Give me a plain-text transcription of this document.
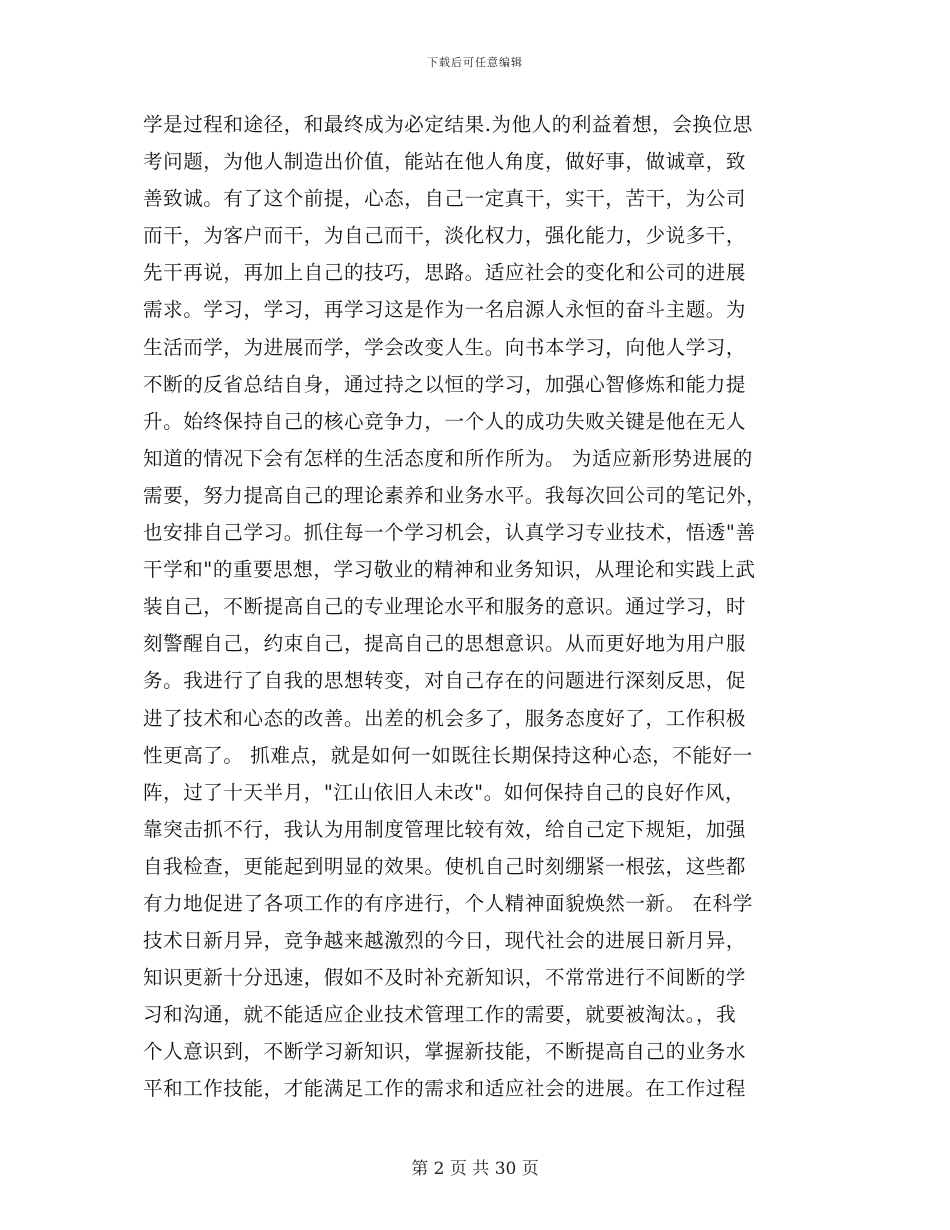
下载后可任意编辑
学是过程和途径，和最终成为必定结果.为他人的利益着想，会换位思
考问题，为他人制造出价值，能站在他人角度，做好事，做诚章，致
善致诚。有了这个前提，心态，自己一定真干，实干，苦干，为公司
而干，为客户而干，为自己而干，淡化权力，强化能力，少说多干，
先干再说，再加上自己的技巧，思路。适应社会的变化和公司的进展
需求。学习，学习，再学习这是作为一名启源人永恒的奋斗主题。为
生活而学，为进展而学，学会改变人生。向书本学习，向他人学习，
不断的反省总结自身，通过持之以恒的学习，加强心智修炼和能力提
升。始终保持自己的核心竞争力，一个人的成功失败关键是他在无人
知道的情况下会有怎样的生活态度和所作所为。 为适应新形势进展的
需要，努力提高自己的理论素养和业务水平。我每次回公司的笔记外，
也安排自己学习。抓住每一个学习机会，认真学习专业技术，悟透"善
干学和"的重要思想，学习敬业的精神和业务知识，从理论和实践上武
装自己，不断提高自己的专业理论水平和服务的意识。通过学习，时
刻警醒自己，约束自己，提高自己的思想意识。从而更好地为用户服
务。我进行了自我的思想转变，对自己存在的问题进行深刻反思，促
进了技术和心态的改善。出差的机会多了，服务态度好了，工作积极
性更高了。 抓难点，就是如何一如既往长期保持这种心态，不能好一
阵，过了十天半月，"江山依旧人未改"。如何保持自己的良好作风，
靠突击抓不行，我认为用制度管理比较有效，给自己定下规矩，加强
自我检查，更能起到明显的效果。使机自己时刻绷紧一根弦，这些都
有力地促进了各项工作的有序进行，个人精神面貌焕然一新。 在科学
技术日新月异，竞争越来越激烈的今日，现代社会的进展日新月异，
知识更新十分迅速，假如不及时补充新知识，不常常进行不间断的学
习和沟通，就不能适应企业技术管理工作的需要，就要被淘汰。，我
个人意识到，不断学习新知识，掌握新技能，不断提高自己的业务水
平和工作技能，才能满足工作的需求和适应社会的进展。在工作过程
第 2 页 共 30 页
